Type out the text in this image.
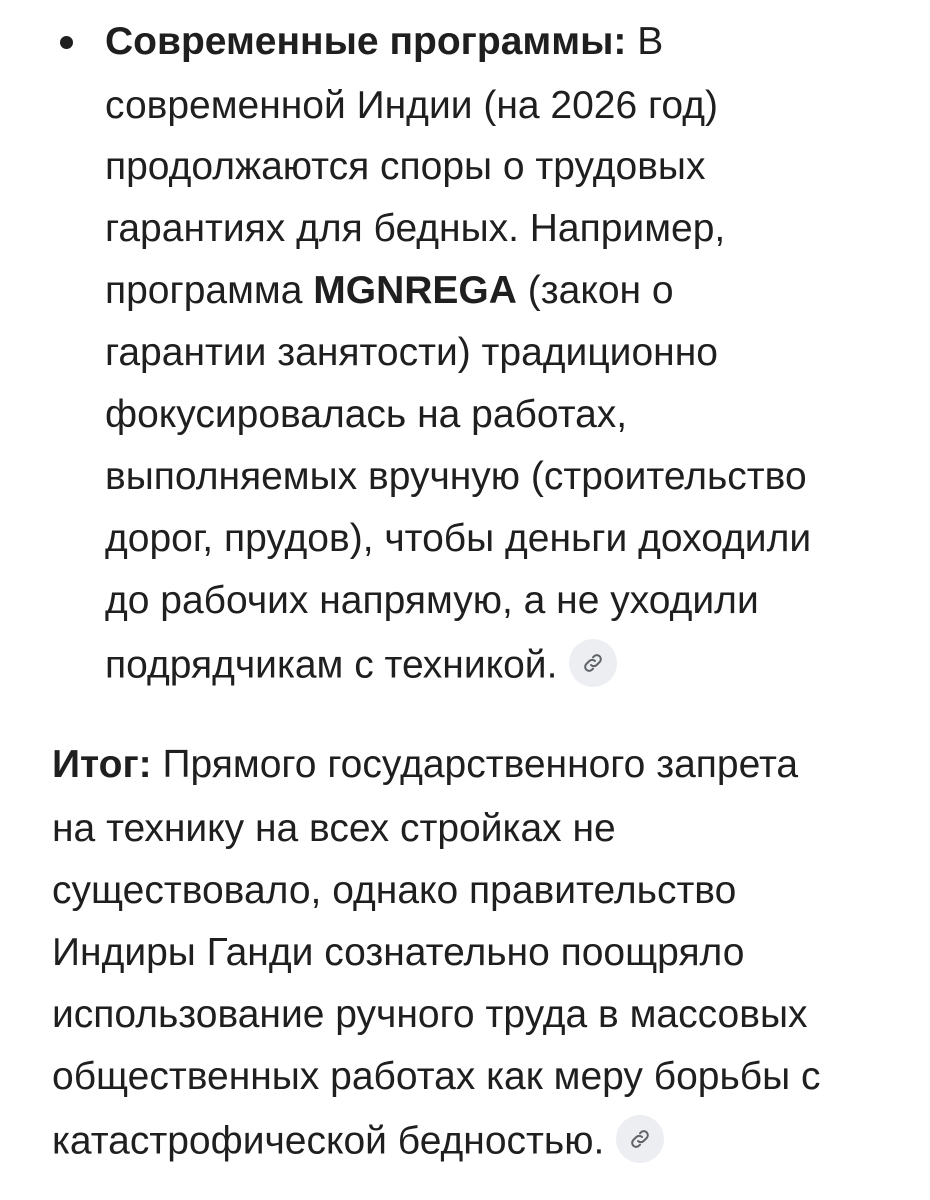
Современные программы: В
современной Индии (на 2026 год)
продолжаются споры о трудовых
гарантиях для бедных. Например,
программа MGNREGA (закон о
гарантии занятости) традиционно
фокусировалась на работах,
выполняемых вручную (строительство
дорог, прудов), чтобы деньги доходили
до рабочих напрямую, а не уходили
подрядчикам с техникой.
Итог: Прямого государственного запрета
на технику на всех стройках не
существовало, однако правительство
Индиры Ганди сознательно поощряло
использование ручного труда в массовых
общественных работах как меру борьбы с
катастрофической бедностью.
